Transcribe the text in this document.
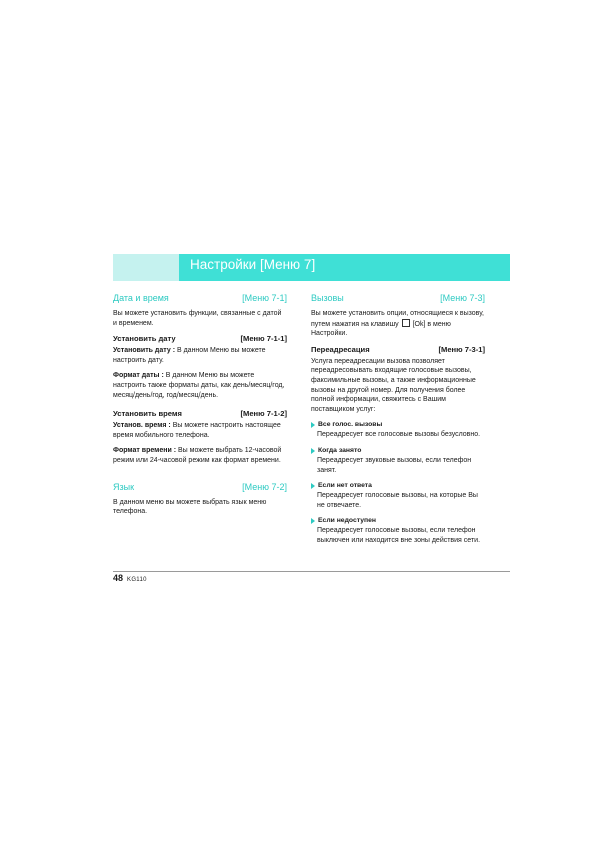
Настройки [Меню 7]
Дата и время	[Меню 7-1]

Вы можете установить функции, связанные с датой и временем.

Установить дату	[Меню 7-1-1]

Установить дату : В данном Меню вы можете настроить дату.

Формат даты : В данном Меню вы можете настроить также форматы даты, как день/месяц/год, месяц/день/год, год/месяц/день.

Установить время	[Меню 7-1-2]

Установ. время : Вы можете настроить настоящее время мобильного телефона.

Формат времени : Вы можете выбрать 12-часовой режим или 24-часовой режим как формат времени.

Язык	[Меню 7-2]

В данном меню вы можете выбрать язык меню телефона.

Вызовы	[Меню 7-3]

Вы можете установить опции, относящиеся к вызову, путем нажатия на клавишу [Ok] в меню Настройки.

Переадресация	[Меню 7-3-1]

Услуга переадресации вызова позволяет переадресовывать входящие голосовые вызовы, факсимильные вызовы, а также информационные вызовы на другой номер. Для получения более полной информации, свяжитесь с Вашим поставщиком услуг:

Все голос. вызовы

Переадресует все голосовые вызовы безусловно.

Когда занято

Переадресует звуковые вызовы, если телефон занят.

Если нет ответа

Переадресует голосовые вызовы, на которые Вы не отвечаете.

Если недоступен

Переадресует голосовые вызовы, если телефон выключен или находится вне зоны действия сети.

48 KG110
